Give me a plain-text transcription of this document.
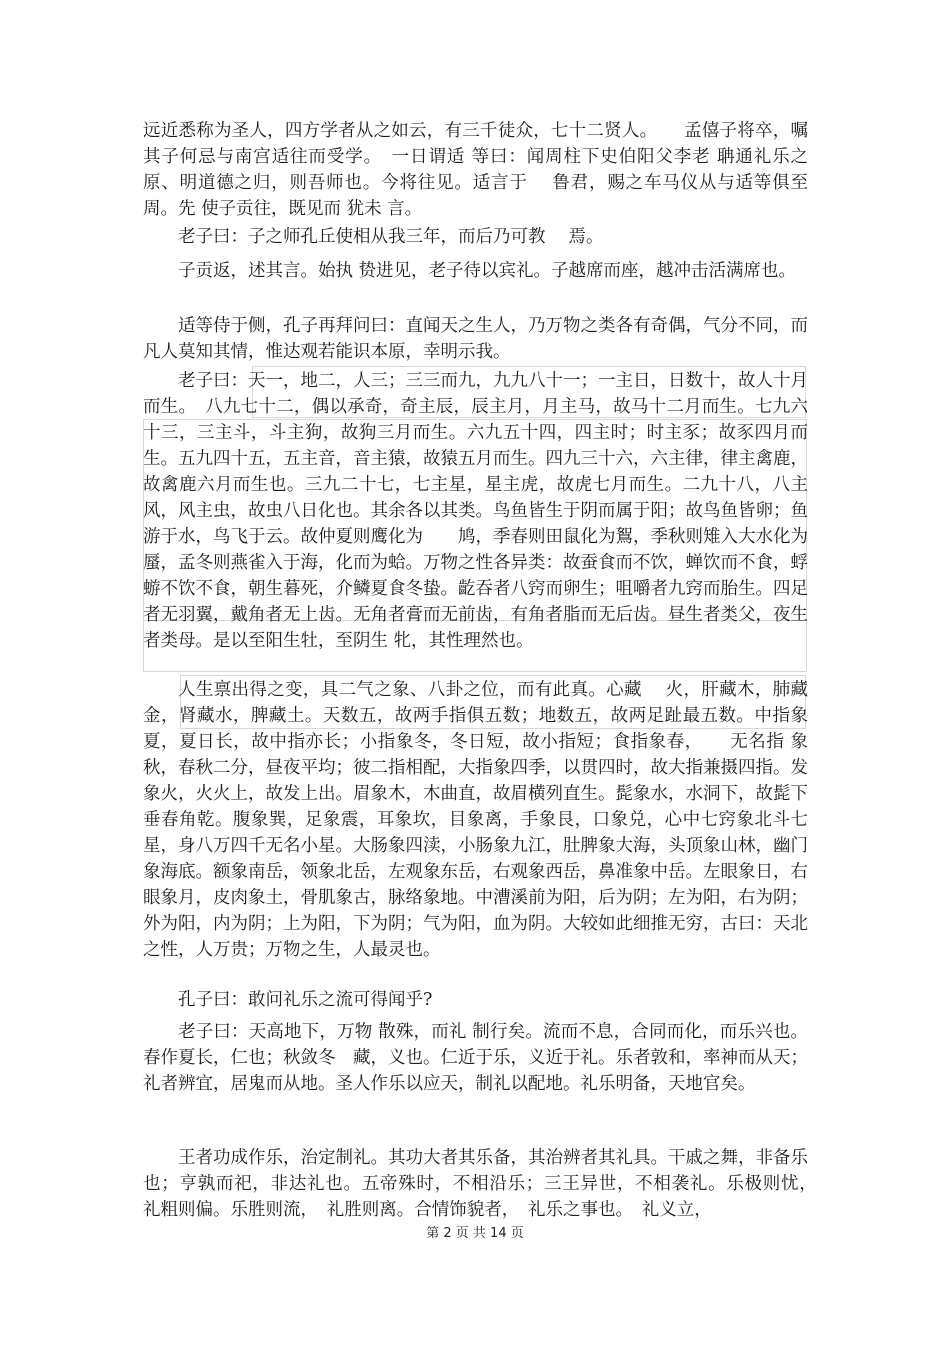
远近悉称为圣人，四方学者从之如云，有三千徒众，七十二贤人。　　孟僖子将卒，嘱其子何忌与南宫适往而受学。　一日谓适 等曰：闻周柱下史伯阳父李老 聃通礼乐之原、明道德之归，则吾师也。今将往见。适言于　 鲁君，赐之车马仪从与适等俱至周。先 使子贡往，既见而 犹未 言。

老子曰：子之师孔丘使相从我三年，而后乃可教　 焉。

子贡返，述其言。始执 贽进见，老子待以宾礼。子越席而座，越冲击活满席也。

适等侍于侧，孔子再拜问曰：直闻天之生人，乃万物之类各有奇偶，气分不同，而凡人莫知其情，惟达观若能识本原，幸明示我。

老子曰：天一，地二，人三；三三而九，九九八十一；一主日，日数十，故人十月而生。　八九七十二，偶以承奇，奇主辰，辰主月，月主马，故马十二月而生。七九六十三，三主斗，斗主狗，故狗三月而生。六九五十四，四主时；时主豕；故豕四月而生。五九四十五，五主音，音主猿，故猿五月而生。四九三十六，六主律，律主禽鹿，故禽鹿六月而生也。三九二十七，七主星，星主虎，故虎七月而生。二九十八，八主风，风主虫，故虫八日化也。其余各以其类。鸟鱼皆生于阴而属于阳；故鸟鱼皆卵；鱼游于水，鸟飞于云。故仲夏则鹰化为　　鸠，季春则田鼠化为鴽，季秋则雉入大水化为蜃，孟冬则燕雀入于海，化而为蛤。万物之性各异类：故蚕食而不饮，蝉饮而不食，蜉蝣不饮不食，朝生暮死，介鳞夏食冬蛰。齕吞者八窍而卵生；咀嚼者九窍而胎生。四足者无羽翼，戴角者无上齿。无角者膏而无前齿，有角者脂而无后齿。昼生者类父，夜生者类母。是以至阳生牡，至阴生 牝，其性理然也。

人生禀出得之变，具二气之象、八卦之位，而有此真。心藏　 火，肝藏木，肺藏金，肾藏水，脾藏土。天数五，故两手指俱五数；地数五，故两足趾最五数。中指象夏，夏日长，故中指亦长；小指象冬，冬日短，故小指短；食指象春，　　无名指 象秋，春秋二分，昼夜平均；彼二指相配，大指象四季，以贯四时，故大指兼摄四指。发象火，火火上，故发上出。眉象木，木曲直，故眉横列直生。髭象水，水洞下，故髭下垂春角乾。腹象巽，足象震，耳象坎，目象离，手象艮，口象兑，心中七窍象北斗七星，身八万四千无名小星。大肠象四渎，小肠象九江，肚脾象大海，头顶象山林，幽门象海底。额象南岳，领象北岳，左观象东岳，右观象西岳，鼻准象中岳。左眼象日，右眼象月，皮肉象土，骨肌象古，脉络象地。中漕溪前为阳，后为阴；左为阳，右为阴；外为阳，内为阴；上为阳，下为阴；气为阳，血为阴。大较如此细推无穷，古曰：天北之性，人万贵；万物之生，人最灵也。

孔子曰：敢问礼乐之流可得闻乎?

老子曰：天高地下，万物 散殊，而礼 制行矣。流而不息，合同而化，而乐兴也。春作夏长，仁也；秋敛冬　藏，义也。仁近于乐，义近于礼。乐者敦和，率神而从天；礼者辨宜，居鬼而从地。圣人作乐以应天，制礼以配地。礼乐明备，天地官矣。

王者功成作乐，治定制礼。其功大者其乐备，其治辨者其礼具。干戚之舞，非备乐也；亨孰而祀，非达礼也。五帝殊时，不相沿乐；三王异世，不相袭礼。乐极则忧，　礼粗则偏。乐胜则流，　礼胜则离。合情饰貌者，　礼乐之事也。　礼义立，

第 2 页 共 14 页
